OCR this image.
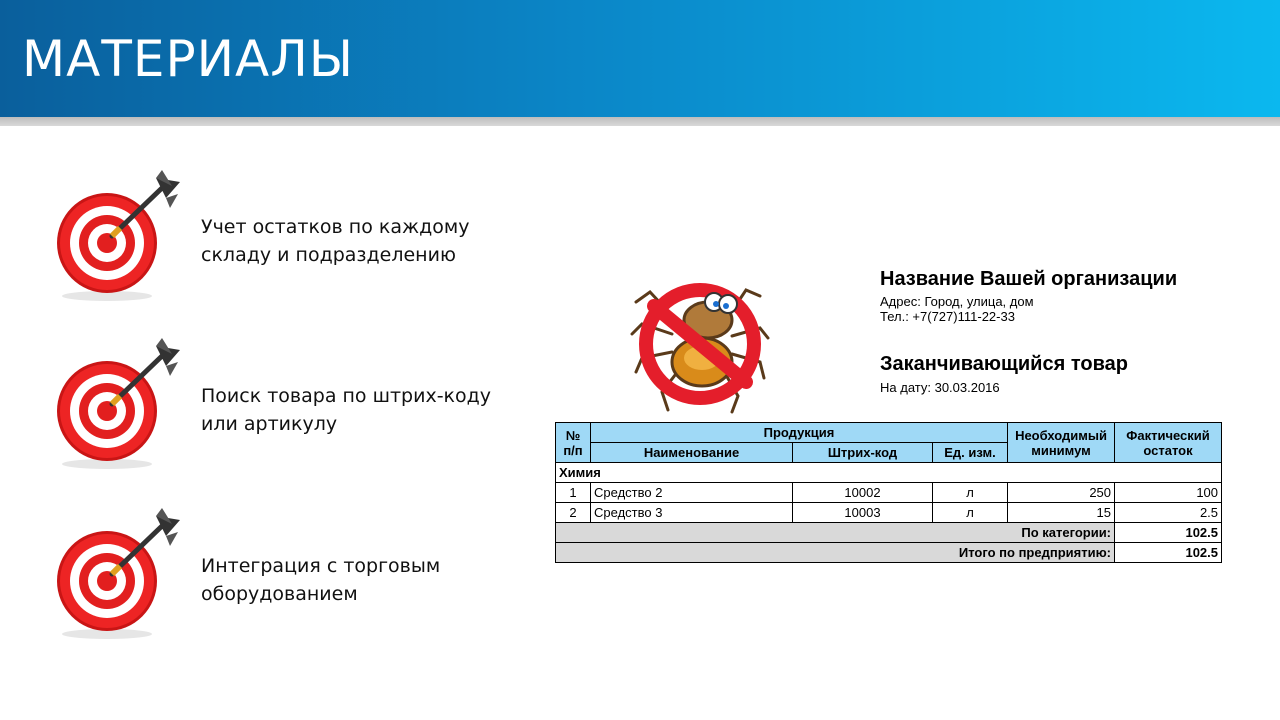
МАТЕРИАЛЫ
Учет остатков по каждому
складу и подразделению
Поиск товара по штрих-коду
или артикулу
Интеграция с торговым
оборудованием
Название Вашей организации
Адрес: Город, улица, дом
Тел.: +7(727)111-22-33
Заканчивающийся товар
На дату: 30.03.2016
№ п/п	Продукция			Необходимый минимум	Фактический остаток
	Наименование	Штрих-код	Ед. изм.		
Химия					
1	Средство 2	10002	л	250	100
2	Средство 3	10003	л	15	2.5
По категории:					102.5
Итого по предприятию:					102.5
